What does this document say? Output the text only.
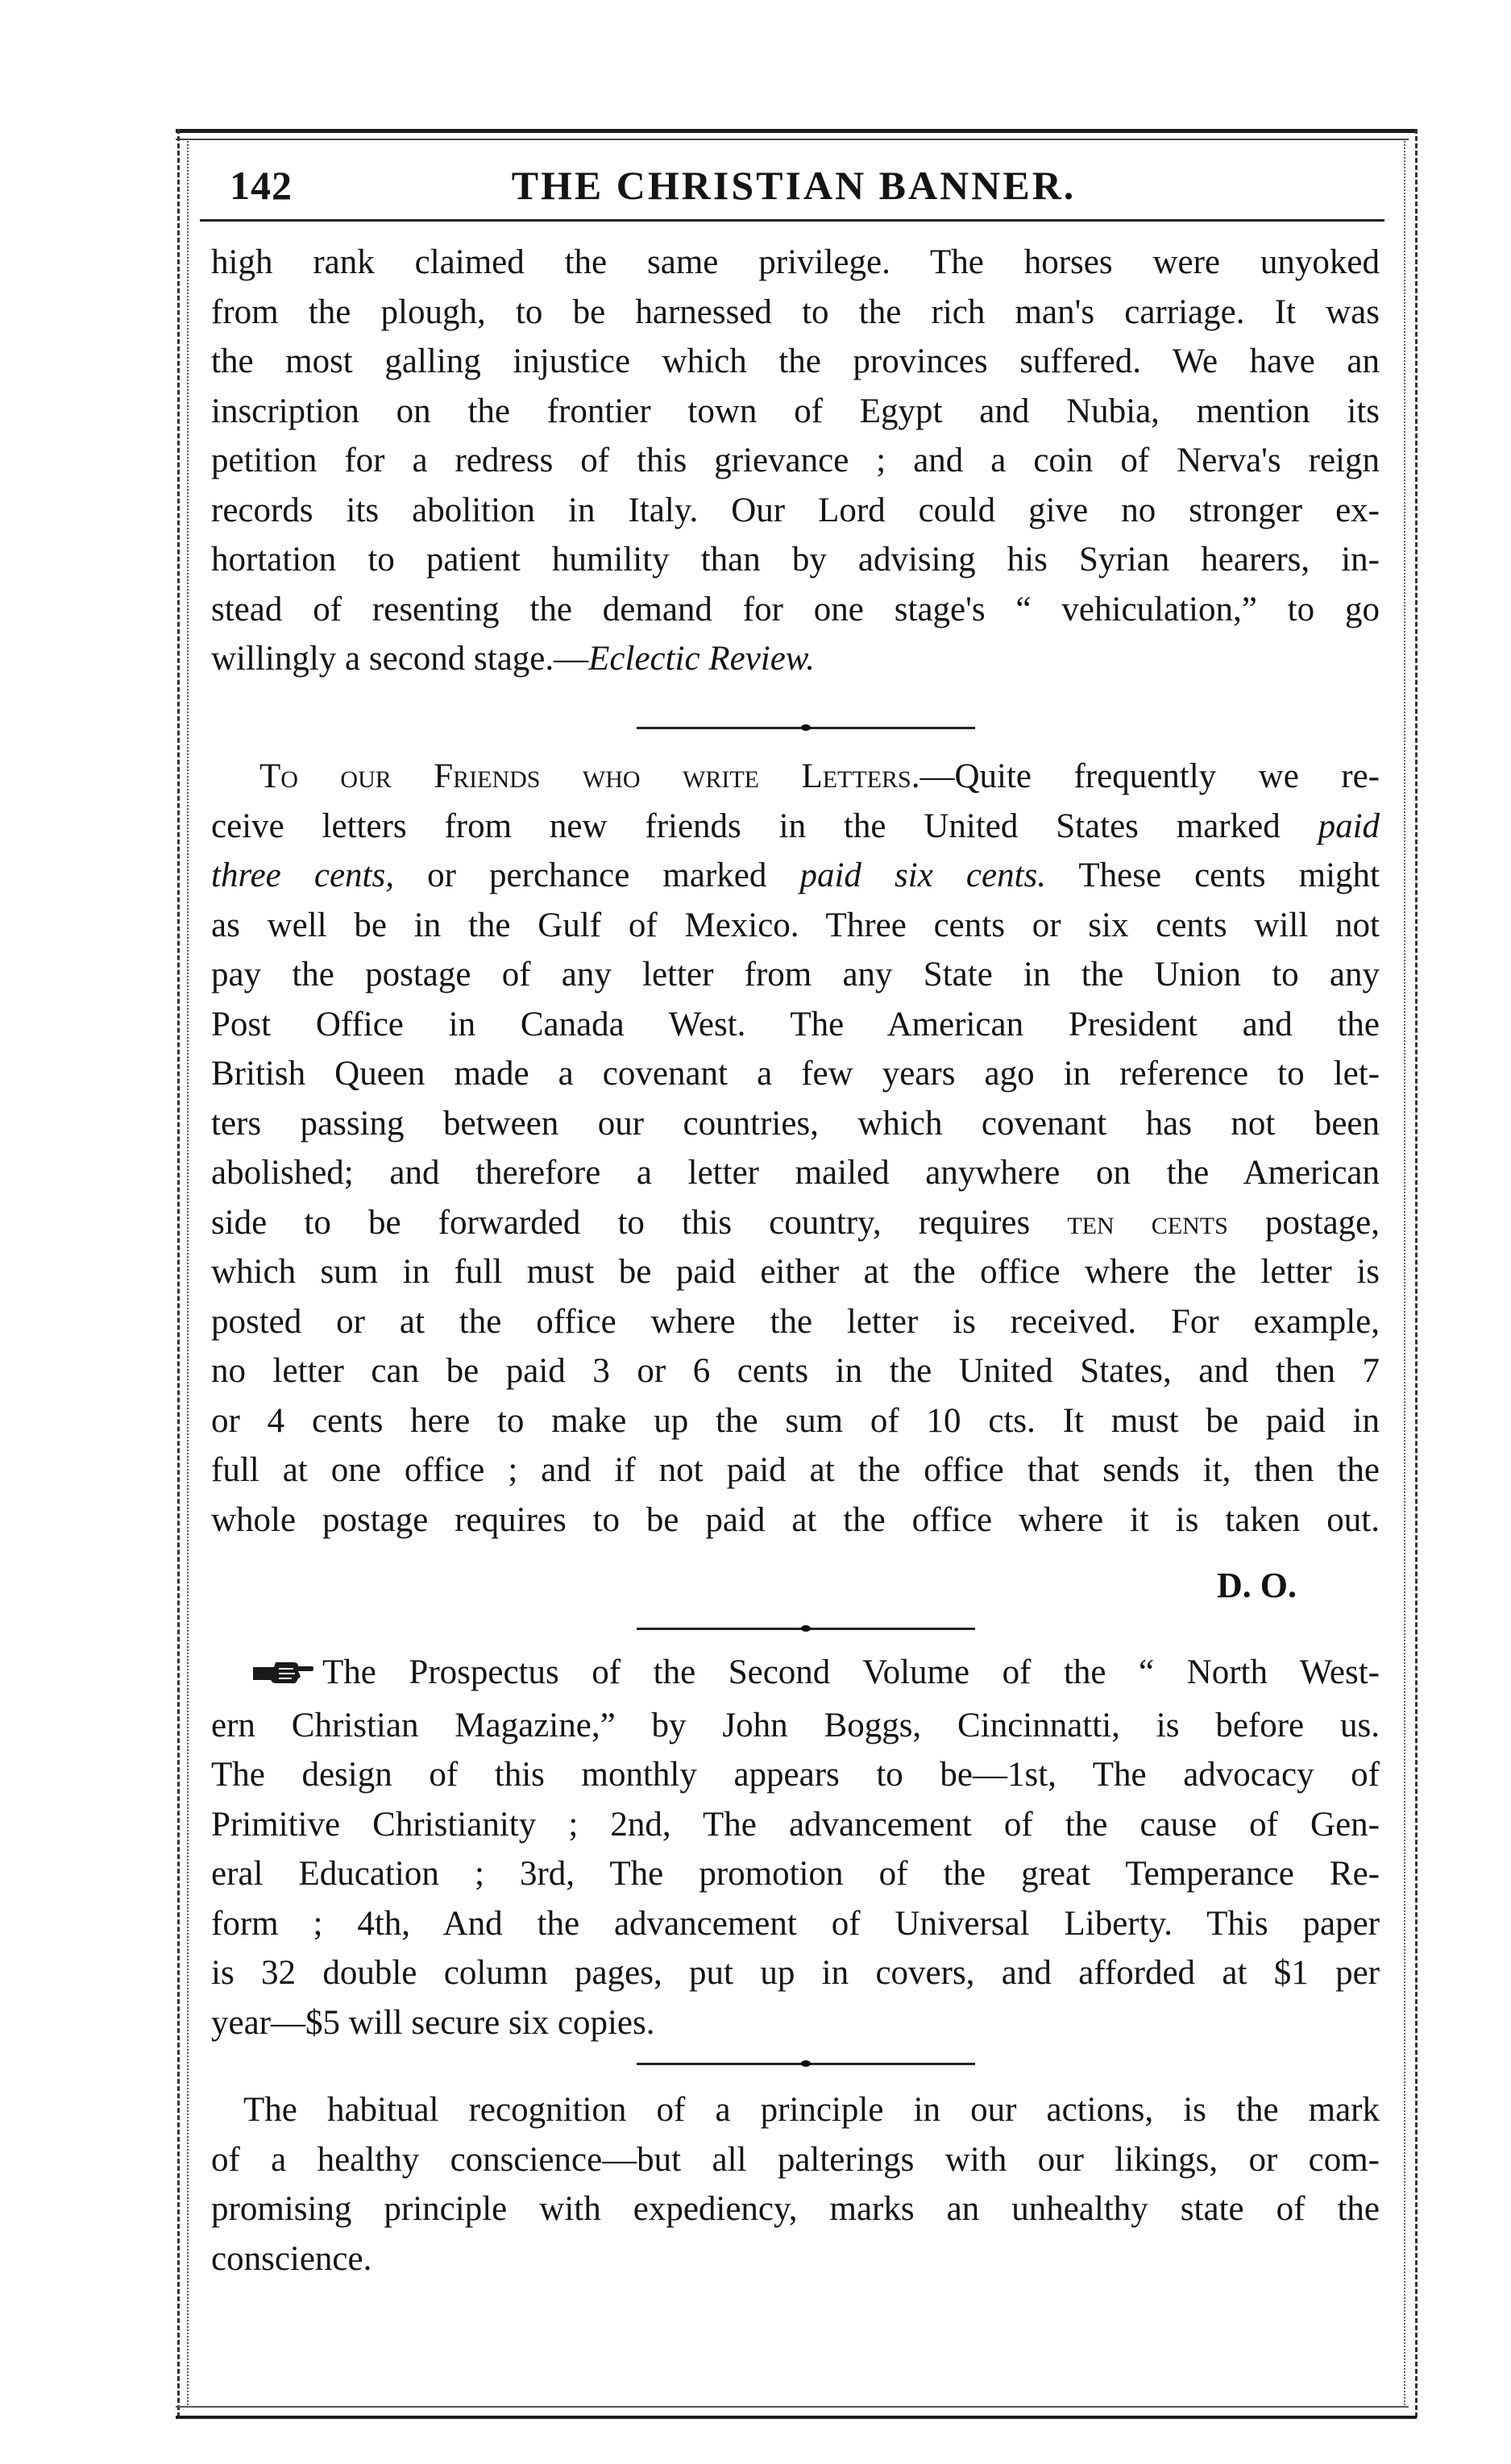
142	THE CHRISTIAN BANNER.
high rank claimed the same privilege. The horses were unyoked
from the plough, to be harnessed to the rich man's carriage. It was
the most galling injustice which the provinces suffered. We have an
inscription on the frontier town of Egypt and Nubia, mention its
petition for a redress of this grievance ; and a coin of Nerva's reign
records its abolition in Italy. Our Lord could give no stronger ex-
hortation to patient humility than by advising his Syrian hearers, in-
stead of resenting the demand for one stage's “ vehiculation,” to go
willingly a second stage.—Eclectic Review.
To our Friends who write Letters.—Quite frequently we re-
ceive letters from new friends in the United States marked paid
three cents, or perchance marked paid six cents. These cents might
as well be in the Gulf of Mexico. Three cents or six cents will not
pay the postage of any letter from any State in the Union to any
Post Office in Canada West. The American President and the
British Queen made a covenant a few years ago in reference to let-
ters passing between our countries, which covenant has not been
abolished; and therefore a letter mailed anywhere on the American
side to be forwarded to this country, requires ten cents postage,
which sum in full must be paid either at the office where the letter is
posted or at the office where the letter is received. For example,
no letter can be paid 3 or 6 cents in the United States, and then 7
or 4 cents here to make up the sum of 10 cts. It must be paid in
full at one office ; and if not paid at the office that sends it, then the
whole postage requires to be paid at the office where it is taken out.
D. O.
The Prospectus of the Second Volume of the “ North West-
ern Christian Magazine,” by John Boggs, Cincinnatti, is before us.
The design of this monthly appears to be—1st, The advocacy of
Primitive Christianity ; 2nd, The advancement of the cause of Gen-
eral Education ; 3rd, The promotion of the great Temperance Re-
form ; 4th, And the advancement of Universal Liberty. This paper
is 32 double column pages, put up in covers, and afforded at $1 per
year—$5 will secure six copies.
The habitual recognition of a principle in our actions, is the mark
of a healthy conscience—but all palterings with our likings, or com-
promising principle with expediency, marks an unhealthy state of the
conscience.
